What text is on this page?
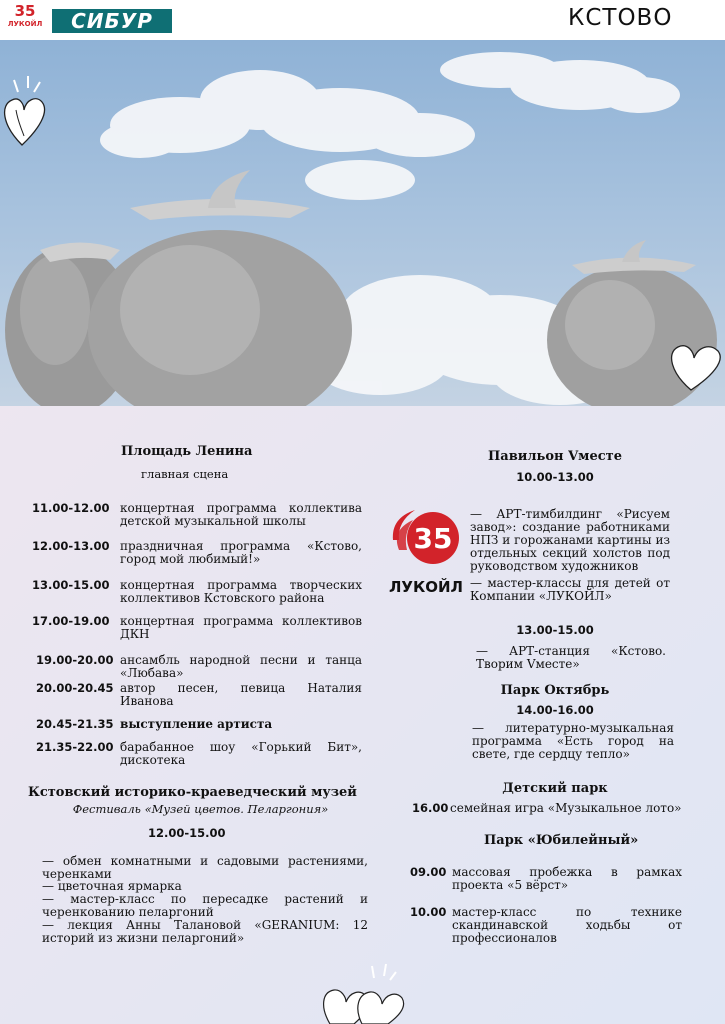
35
ЛУКОЙЛ	СИБУР	КСТОВО
Площадь Ленина
главная сцена
11.00-12.00 концертная программа коллектива детской музыкальной школы
12.00-13.00 праздничная программа «Кстово, город мой любимый!»
13.00-15.00 концертная программа творческих коллективов Кстовского района
17.00-19.00 концертная программа коллективов ДКН
19.00-20.00 ансамбль народной песни и танца «Любава»
20.00-20.45 автор песен, певица Наталия Иванова
20.45-21.35 выступление артиста
21.35-22.00 барабанное шоу «Горький Бит», дискотека
Кстовский историко-краеведческий музей
Фестиваль «Музей цветов. Пеларгония»
12.00-15.00
— обмен комнатными и садовыми растениями, черенками
— цветочная ярмарка
— мастер-класс по пересадке растений и черенкованию пеларгоний
— лекция Анны Талановой «GERANIUM: 12 историй из жизни пеларгоний»
Павильон Vместе
10.00-13.00
35
ЛУКОЙЛ
— АРТ-тимбилдинг «Рисуем завод»: создание работниками НПЗ и горожанами картины из отдельных секций холстов под руководством художников
— мастер-классы для детей от Компании «ЛУКОЙЛ»
13.00-15.00
— АРТ-станция «Кстово. Творим Vместе»
Парк Октябрь
14.00-16.00
— литературно-музыкальная программа «Есть город на свете, где сердцу тепло»
Детский парк
16.00 семейная игра «Музыкальное лото»
Парк «Юбилейный»
09.00 массовая пробежка в рамках проекта «5 вёрст»
10.00 мастер-класс по технике скандинавской ходьбы от профессионалов
